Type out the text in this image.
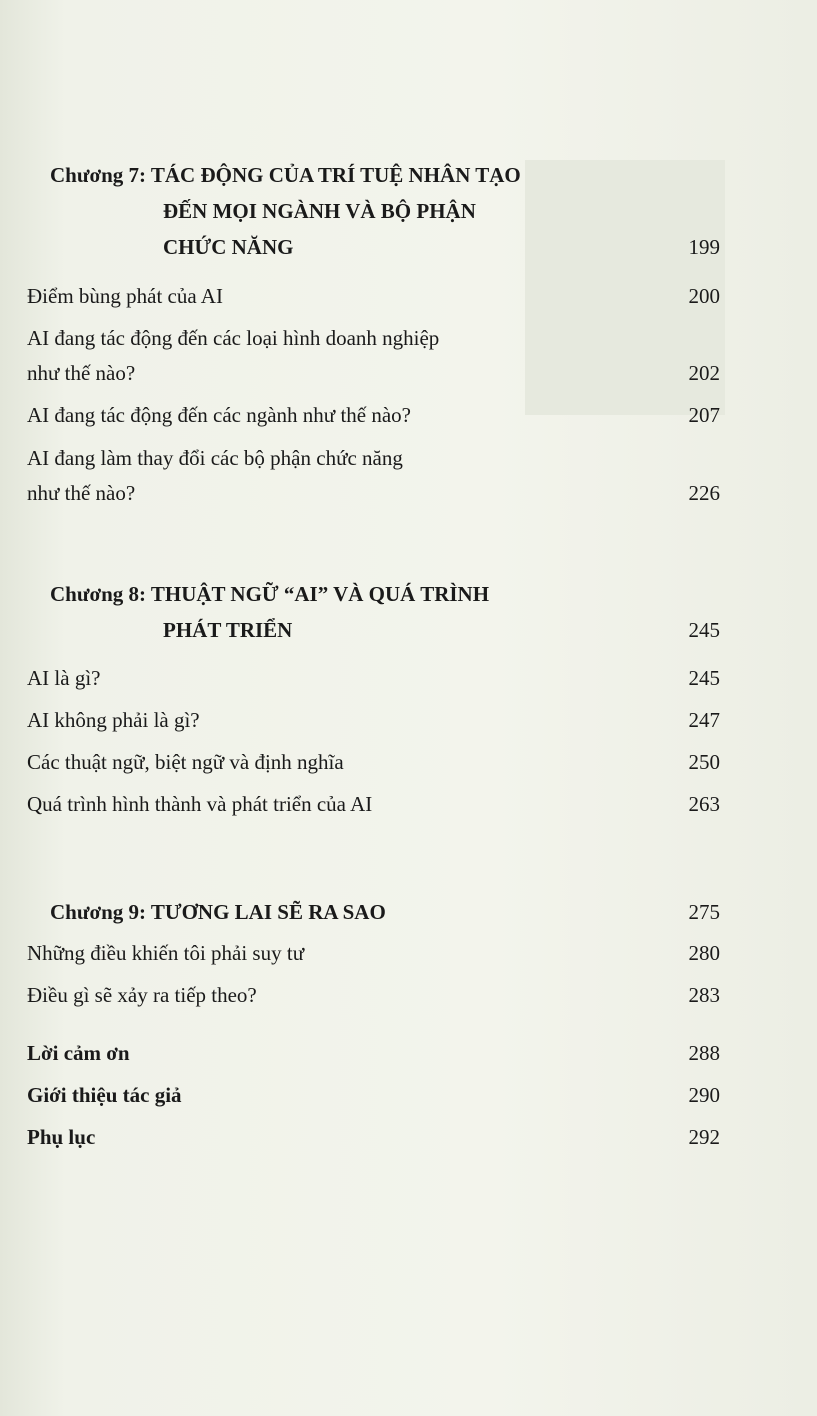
Chương 7: TÁC ĐỘNG CỦA TRÍ TUỆ NHÂN TẠO
ĐẾN MỌI NGÀNH VÀ BỘ PHẬN
CHỨC NĂNG	199
Điểm bùng phát của AI	200
AI đang tác động đến các loại hình doanh nghiệp
như thế nào?	202
AI đang tác động đến các ngành như thế nào?	207
AI đang làm thay đổi các bộ phận chức năng
như thế nào?	226
Chương 8: THUẬT NGỮ “AI” VÀ QUÁ TRÌNH
PHÁT TRIỂN	245
AI là gì?	245
AI không phải là gì?	247
Các thuật ngữ, biệt ngữ và định nghĩa	250
Quá trình hình thành và phát triển của AI	263
Chương 9: TƯƠNG LAI SẼ RA SAO	275
Những điều khiến tôi phải suy tư	280
Điều gì sẽ xảy ra tiếp theo?	283
Lời cảm ơn	288
Giới thiệu tác giả	290
Phụ lục	292
